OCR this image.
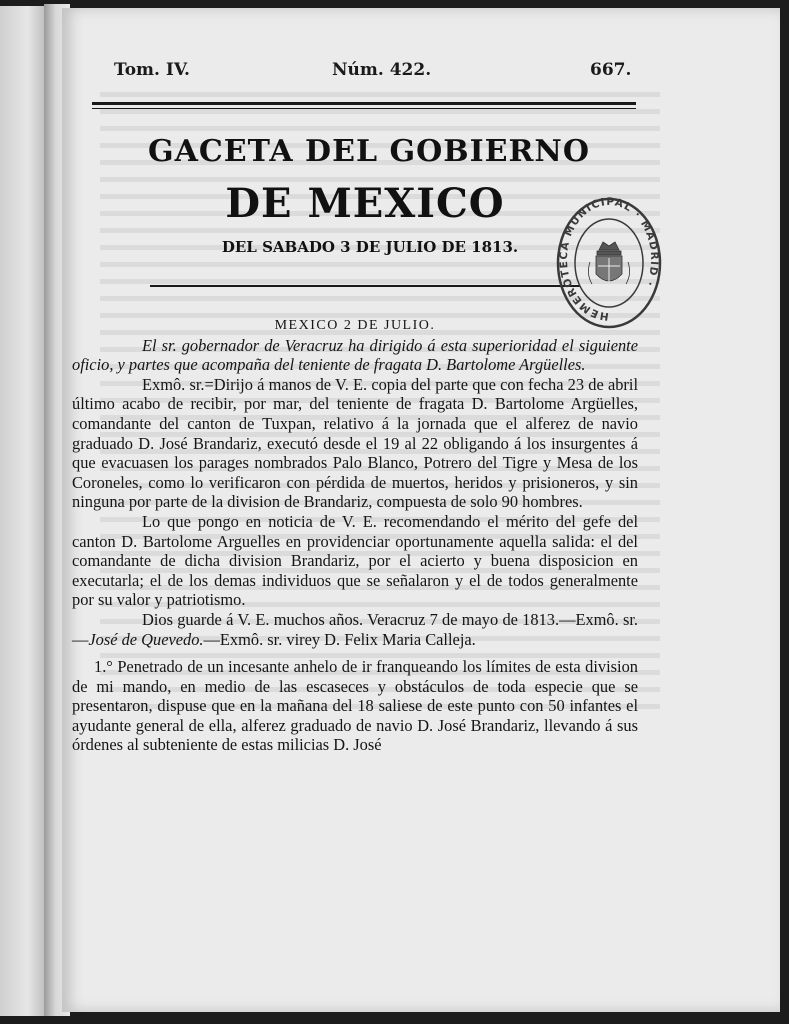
Tom. IV.	Núm. 422.	667.
GACETA DEL GOBIERNO
DE MEXICO
DEL SABADO 3 DE JULIO DE 1813.
HEMEROTECA MUNICIPAL · MADRID ·

MEXICO 2 DE JULIO.

El sr. gobernador de Veracruz ha dirigido á esta superioridad el siguiente oficio, y partes que acompaña del teniente de fragata D. Bartolome Argüelles.

Exmô. sr.=Dirijo á manos de V. E. copia del parte que con fecha 23 de abril último acabo de recibir, por mar, del teniente de fragata D. Bartolome Argüelles, comandante del canton de Tuxpan, relativo á la jornada que el alferez de navio graduado D. José Brandariz, executó desde el 19 al 22 obligando á los insurgentes á que evacuasen los parages nombrados Palo Blanco, Potrero del Tigre y Mesa de los Coroneles, como lo verificaron con pérdida de muertos, heridos y prisioneros, y sin ninguna por parte de la division de Brandariz, compuesta de solo 90 hombres.

Lo que pongo en noticia de V. E. recomendando el mérito del gefe del canton D. Bartolome Arguelles en providenciar oportunamente aquella salida: el del comandante de dicha division Brandariz, por el acierto y buena disposicion en executarla; el de los demas individuos que se señalaron y el de todos generalmente por su valor y patriotismo.

Dios guarde á V. E. muchos años. Veracruz 7 de mayo de 1813.—Exmô. sr.—José de Quevedo.—Exmô. sr. virey D. Felix Maria Calleja.

1.° Penetrado de un incesante anhelo de ir franqueando los límites de esta division de mi mando, en medio de las escaseces y obstáculos de toda especie que se presentaron, dispuse que en la mañana del 18 saliese de este punto con 50 infantes el ayudante general de ella, alferez graduado de navio D. José Brandariz, llevando á sus órdenes al subteniente de estas milicias D. José
